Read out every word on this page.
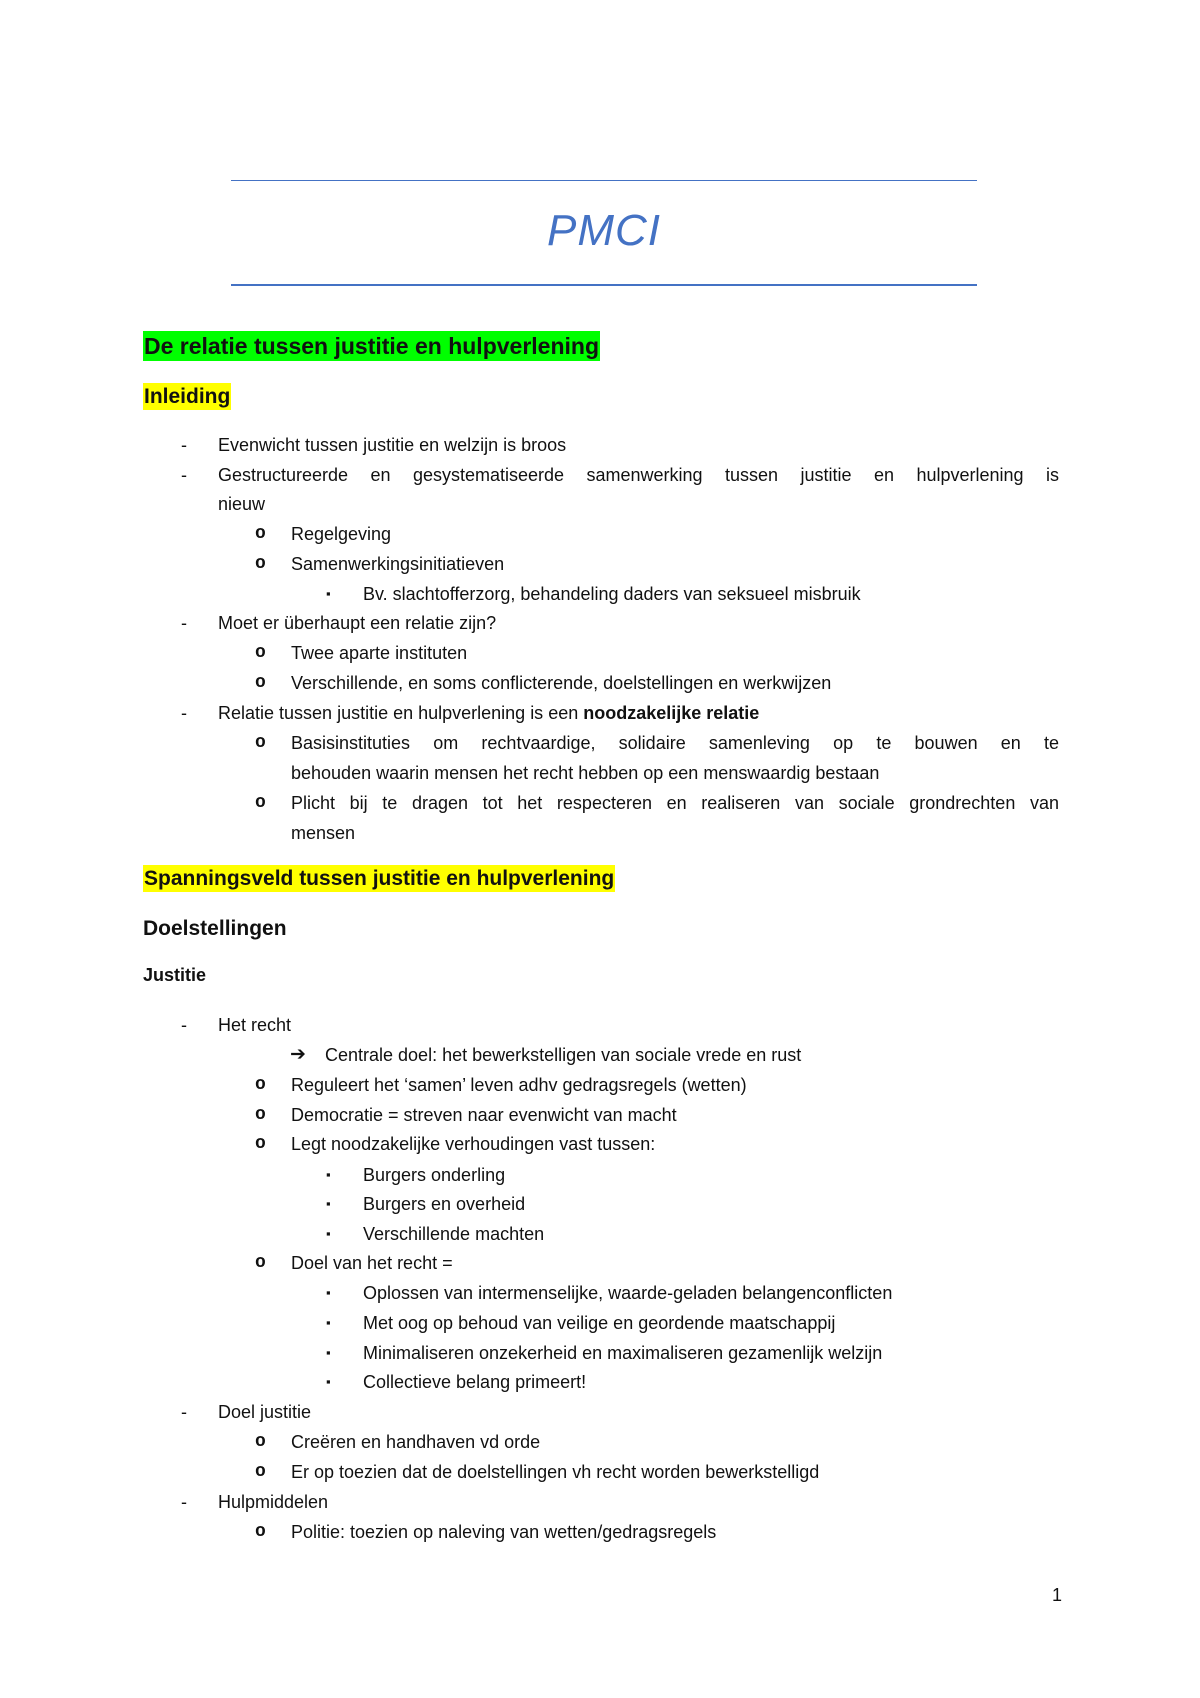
PMCI
De relatie tussen justitie en hulpverlening
Inleiding
- Evenwicht tussen justitie en welzijn is broos
- Gestructureerde en gesystematiseerde samenwerking tussen justitie en hulpverlening is
nieuw
o Regelgeving
o Samenwerkingsinitiatieven
▪ Bv. slachtofferzorg, behandeling daders van seksueel misbruik
- Moet er überhaupt een relatie zijn?
o Twee aparte instituten
o Verschillende, en soms conflicterende, doelstellingen en werkwijzen
- Relatie tussen justitie en hulpverlening is een noodzakelijke relatie
o Basisinstituties om rechtvaardige, solidaire samenleving op te bouwen en te
behouden waarin mensen het recht hebben op een menswaardig bestaan
o Plicht bij te dragen tot het respecteren en realiseren van sociale grondrechten van
mensen
Spanningsveld tussen justitie en hulpverlening
Doelstellingen
Justitie
- Het recht
➔ Centrale doel: het bewerkstelligen van sociale vrede en rust
o Reguleert het ‘samen’ leven adhv gedragsregels (wetten)
o Democratie = streven naar evenwicht van macht
o Legt noodzakelijke verhoudingen vast tussen:
▪ Burgers onderling
▪ Burgers en overheid
▪ Verschillende machten
o Doel van het recht =
▪ Oplossen van intermenselijke, waarde-geladen belangenconflicten
▪ Met oog op behoud van veilige en geordende maatschappij
▪ Minimaliseren onzekerheid en maximaliseren gezamenlijk welzijn
▪ Collectieve belang primeert!
- Doel justitie
o Creëren en handhaven vd orde
o Er op toezien dat de doelstellingen vh recht worden bewerkstelligd
- Hulpmiddelen
o Politie: toezien op naleving van wetten/gedragsregels
1
